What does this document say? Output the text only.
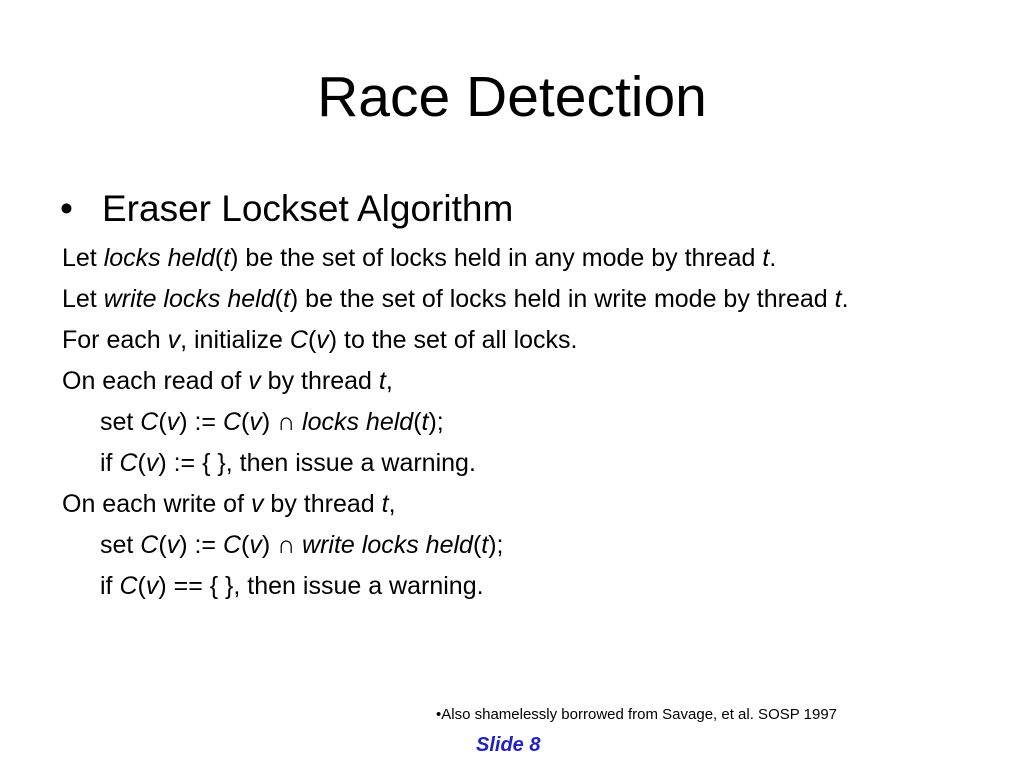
Race Detection
• Eraser Lockset Algorithm
Let locks held(t) be the set of locks held in any mode by thread t.
Let write locks held(t) be the set of locks held in write mode by thread t.
For each v, initialize C(v) to the set of all locks.
On each read of v by thread t,
set C(v) := C(v) ∩ locks held(t);
if C(v) := { }, then issue a warning.
On each write of v by thread t,
set C(v) := C(v) ∩ write locks held(t);
if C(v) == { }, then issue a warning.
•Also shamelessly borrowed from Savage, et al. SOSP 1997
Slide 8
